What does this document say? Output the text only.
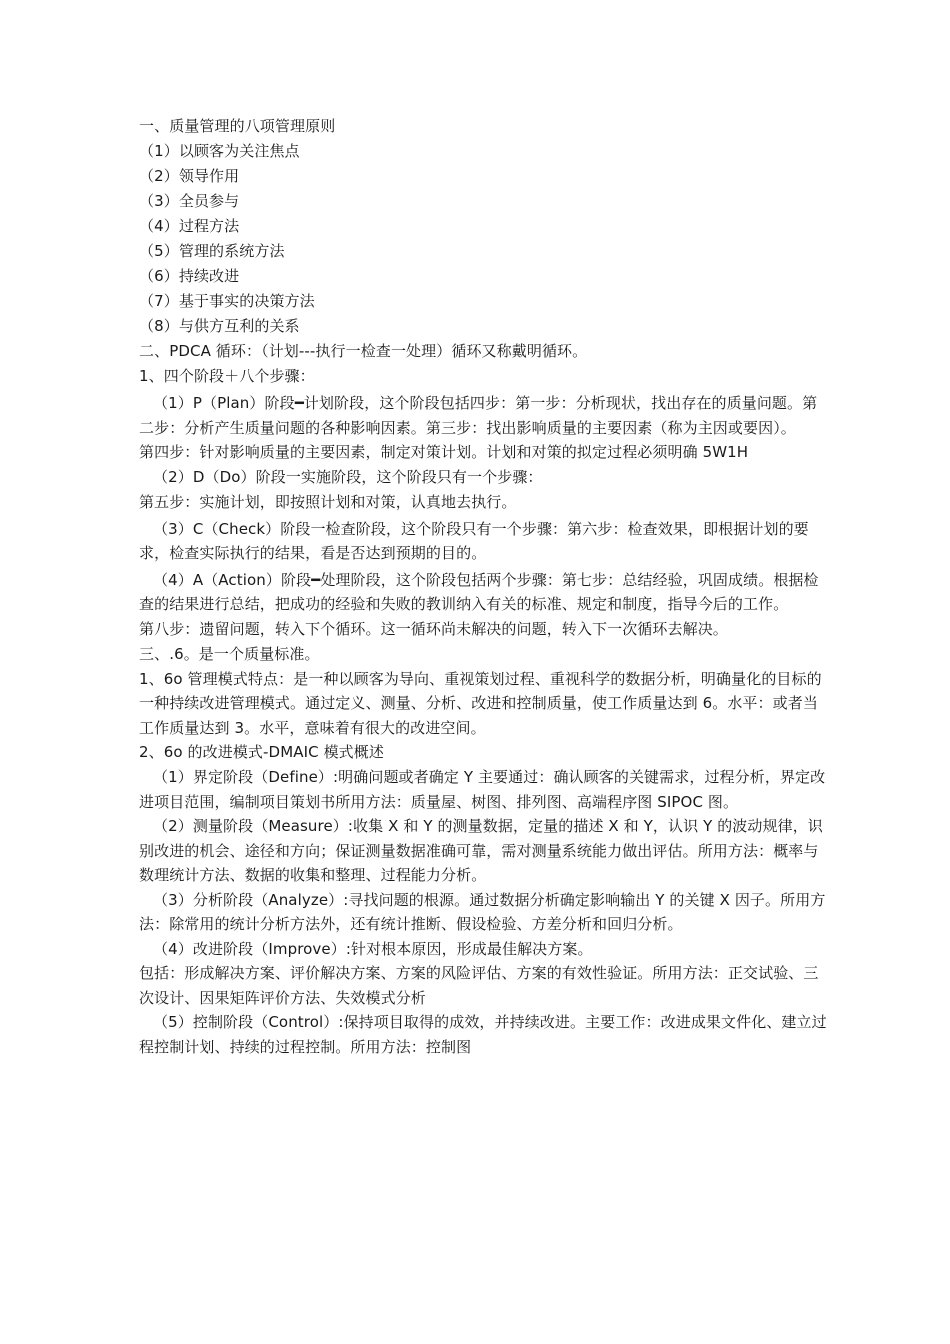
一、质量管理的八项管理原则
（1）以顾客为关注焦点
（2）领导作用
（3）全员参与
（4）过程方法
（5）管理的系统方法
（6）持续改进
（7）基于事实的决策方法
（8）与供方互利的关系
二、PDCA 循环：（计划---执行一检查一处理）循环又称戴明循环。
1、四个阶段＋八个步骤：
（1）P（Plan）阶段━计划阶段，这个阶段包括四步：第一步：分析现状，找出存在的质量问题。第二步：分析产生质量问题的各种影响因素。第三步：找出影响质量的主要因素（称为主因或要因）。
第四步：针对影响质量的主要因素，制定对策计划。计划和对策的拟定过程必须明确 5W1H
（2）D（Do）阶段一实施阶段，这个阶段只有一个步骤：
第五步：实施计划，即按照计划和对策，认真地去执行。
（3）C（Check）阶段一检查阶段，这个阶段只有一个步骤：第六步：检查效果，即根据计划的要求，检查实际执行的结果，看是否达到预期的目的。
（4）A（Action）阶段━处理阶段，这个阶段包括两个步骤：第七步：总结经验，巩固成绩。根据检查的结果进行总结，把成功的经验和失败的教训纳入有关的标准、规定和制度，指导今后的工作。
第八步：遗留问题，转入下个循环。这一循环尚未解决的问题，转入下一次循环去解决。
三、.6。是一个质量标准。
1、6o 管理模式特点：是一种以顾客为导向、重视策划过程、重视科学的数据分析，明确量化的目标的一种持续改进管理模式。通过定义、测量、分析、改进和控制质量，使工作质量达到 6。水平：或者当工作质量达到 3。水平，意味着有很大的改进空间。
2、6o 的改进模式-DMAIC 模式概述
（1）界定阶段（Define）:明确问题或者确定 Y 主要通过：确认顾客的关键需求，过程分析，界定改进项目范围，编制项目策划书所用方法：质量屋、树图、排列图、高端程序图 SIPOC 图。
（2）测量阶段（Measure）:收集 X 和 Y 的测量数据，定量的描述 X 和 Y，认识 Y 的波动规律，识别改进的机会、途径和方向；保证测量数据准确可靠，需对测量系统能力做出评估。所用方法：概率与数理统计方法、数据的收集和整理、过程能力分析。
（3）分析阶段（Analyze）:寻找问题的根源。通过数据分析确定影响输出 Y 的关键 X 因子。所用方法：除常用的统计分析方法外，还有统计推断、假设检验、方差分析和回归分析。
（4）改进阶段（Improve）:针对根本原因，形成最佳解决方案。
包括：形成解决方案、评价解决方案、方案的风险评估、方案的有效性验证。所用方法：正交试验、三次设计、因果矩阵评价方法、失效模式分析
（5）控制阶段（Control）:保持项目取得的成效，并持续改进。主要工作：改进成果文件化、建立过程控制计划、持续的过程控制。所用方法：控制图
